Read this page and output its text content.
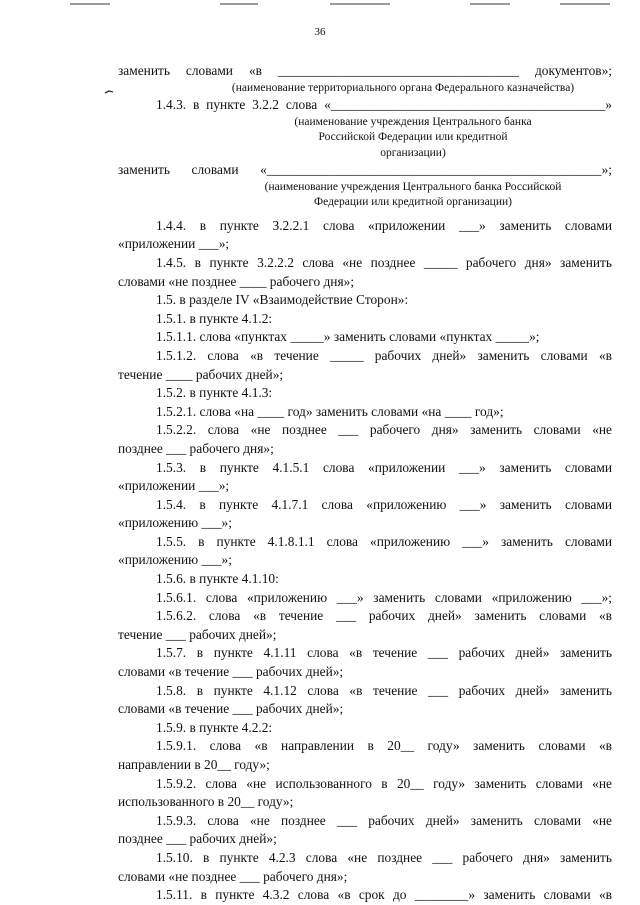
36
заменить словами «в ____________________________________ документов»;
(наименование территориального органа Федерального казначейства)
1.4.3. в пункте 3.2.2 слова «_________________________________________»
(наименование учреждения Центрального банка
Российской Федерации или кредитной
организации)
заменить словами «__________________________________________________»;
(наименование учреждения Центрального банка Российской
Федерации или кредитной организации)
1.4.4. в пункте 3.2.2.1 слова «приложении ___» заменить словами
«приложении ___»;
1.4.5. в пункте 3.2.2.2 слова «не позднее _____ рабочего дня» заменить
словами «не позднее ____ рабочего дня»;
1.5. в разделе IV «Взаимодействие Сторон»:
1.5.1. в пункте 4.1.2:
1.5.1.1. слова «пунктах _____» заменить словами «пунктах _____»;
1.5.1.2. слова «в течение _____ рабочих дней» заменить словами «в
течение ____ рабочих дней»;
1.5.2. в пункте 4.1.3:
1.5.2.1. слова «на ____ год» заменить словами «на ____ год»;
1.5.2.2. слова «не позднее ___ рабочего дня» заменить словами «не
позднее ___ рабочего дня»;
1.5.3. в пункте 4.1.5.1 слова «приложении ___» заменить словами
«приложении ___»;
1.5.4. в пункте 4.1.7.1 слова «приложению ___» заменить словами
«приложению ___»;
1.5.5. в пункте 4.1.8.1.1 слова «приложению ___» заменить словами
«приложению ___»;
1.5.6. в пункте 4.1.10:
1.5.6.1. слова «приложению ___» заменить словами «приложению ___»;
1.5.6.2. слова «в течение ___ рабочих дней» заменить словами «в
течение ___ рабочих дней»;
1.5.7. в пункте 4.1.11 слова «в течение ___ рабочих дней» заменить
словами «в течение ___ рабочих дней»;
1.5.8. в пункте 4.1.12 слова «в течение ___ рабочих дней» заменить
словами «в течение ___ рабочих дней»;
1.5.9. в пункте 4.2.2:
1.5.9.1. слова «в направлении в 20__ году» заменить словами «в
направлении в 20__ году»;
1.5.9.2. слова «не использованного в 20__ году» заменить словами «не
использованного в 20__ году»;
1.5.9.3. слова «не позднее ___ рабочих дней» заменить словами «не
позднее ___ рабочих дней»;
1.5.10. в пункте 4.2.3 слова «не позднее ___ рабочего дня» заменить
словами «не позднее ___ рабочего дня»;
1.5.11. в пункте 4.3.2 слова «в срок до ________» заменить словами «в
